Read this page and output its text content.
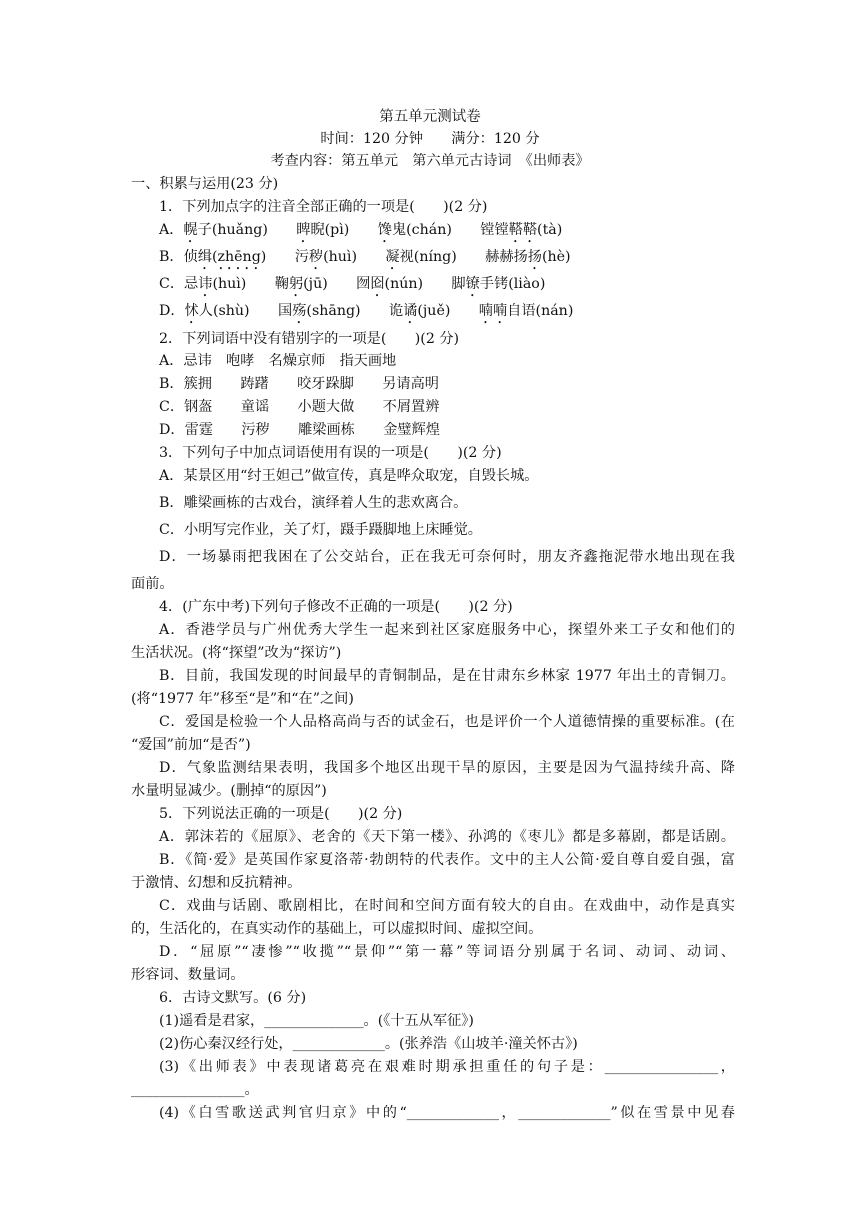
第五单元测试卷
时间：120 分钟　　满分：120 分
考查内容：第五单元　第六单元古诗词　《出师表》
一、积累与运用(23 分)
1．下列加点字的注音全部正确的一项是(　　)(2 分)
A．幌子(huǎng)　　 睥睨(pì)　　 馋鬼(chán)　　 镗镗鞳鞳(tà)
B．侦缉(zhēng)　　 污秽(huì)　　 凝视(níng)　　 赫赫扬扬(hè)
C．忌讳(huì)　　 鞠躬(jū)　　 囫囵(nún)　　 脚镣手铐(liào)
D．怵人(shù)　　 国殇(shāng)　　 诡谲(juě)　　 喃喃自语(nán)
2．下列词语中没有错别字的一项是(　　)(2 分)
A．忌讳　咆哮　名燥京师　指天画地
B．簇拥　　踌躇　　咬牙跺脚　　另请高明
C．钢盔　　童谣　　小题大做　　不屑置辨
D．雷霆　　污秽　　雕梁画栋　　金璧辉煌
3．下列句子中加点词语使用有误的一项是(　　)(2 分)
A．某景区用“纣王妲己”做宣传，真是哗众取宠，自毁长城。
B．雕梁画栋的古戏台，演绎着人生的悲欢离合。
C．小明写完作业，关了灯，蹑手蹑脚地上床睡觉。
D．一场暴雨把我困在了公交站台，正在我无可奈何时，朋友齐鑫拖泥带水地出现在我
面前。
4．(广东中考)下列句子修改不正确的一项是(　　)(2 分)
A．香港学员与广州优秀大学生一起来到社区家庭服务中心，探望外来工子女和他们的
生活状况。(将“探望”改为“探访”)
B．目前，我国发现的时间最早的青铜制品，是在甘肃东乡林家 1977 年出土的青铜刀。
(将“1977 年”移至“是”和“在”之间)
C．爱国是检验一个人品格高尚与否的试金石，也是评价一个人道德情操的重要标准。(在
“爱国”前加“是否”)
D．气象监测结果表明，我国多个地区出现干旱的原因，主要是因为气温持续升高、降
水量明显减少。(删掉“的原因”)
5．下列说法正确的一项是(　　)(2 分)
A．郭沫若的《屈原》、老舍的《天下第一楼》、孙鸿的《枣儿》都是多幕剧，都是话剧。
B．《简·爱》是英国作家夏洛蒂·勃朗特的代表作。文中的主人公简·爱自尊自爱自强，富
于激情、幻想和反抗精神。
C．戏曲与话剧、歌剧相比，在时间和空间方面有较大的自由。在戏曲中，动作是真实
的，生活化的，在真实动作的基础上，可以虚拟时间、虚拟空间。
D．“屈原”“凄惨”“收揽”“景仰”“第一幕”等词语分别属于名词、动词、动词、
形容词、数量词。
6．古诗文默写。(6 分)
(1)遥看是君家，______________。(《十五从军征》)
(2)伤心秦汉经行处，_____________。(张养浩《山坡羊·潼关怀古》)
(3)《出师表》中表现诸葛亮在艰难时期承担重任的句子是：________________，
________________。
(4)《白雪歌送武判官归京》中的“_____________，_____________”似在雪景中见春
